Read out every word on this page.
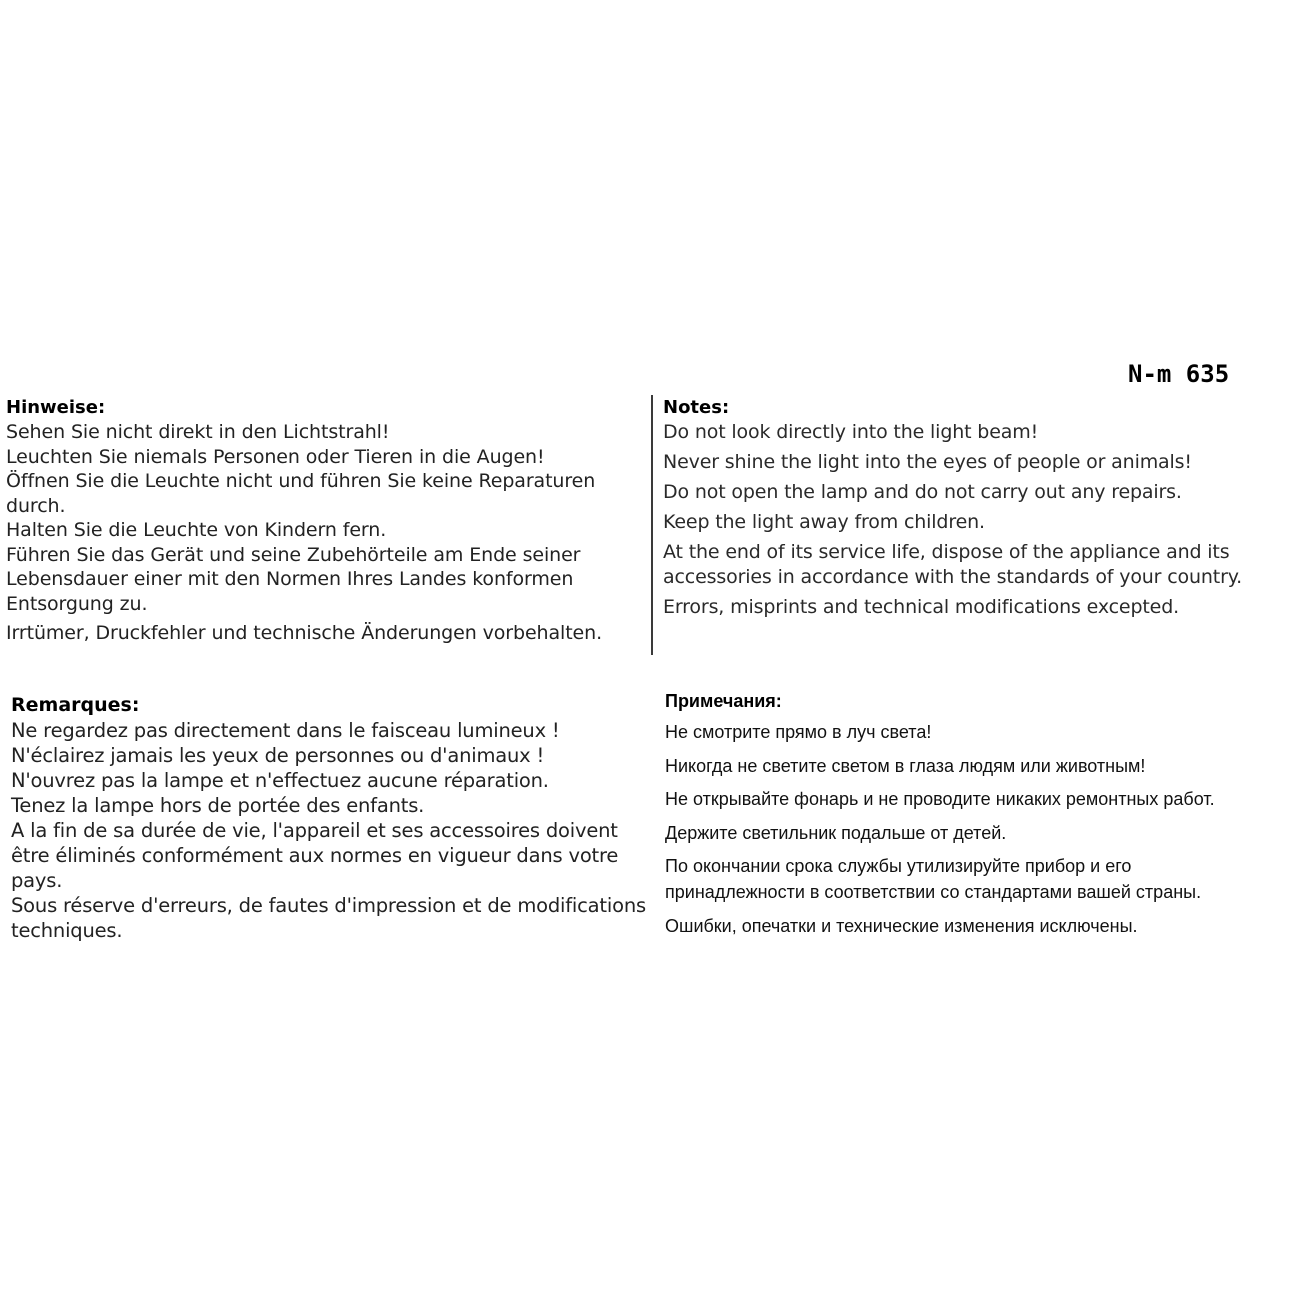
N-m 635
Hinweise:
Sehen Sie nicht direkt in den Lichtstrahl!
Leuchten Sie niemals Personen oder Tieren in die Augen!
Öffnen Sie die Leuchte nicht und führen Sie keine Reparaturen
durch.
Halten Sie die Leuchte von Kindern fern.
Führen Sie das Gerät und seine Zubehörteile am Ende seiner
Lebensdauer einer mit den Normen Ihres Landes konformen
Entsorgung zu.
Irrtümer, Druckfehler und technische Änderungen vorbehalten.
Notes:
Do not look directly into the light beam!
Never shine the light into the eyes of people or animals!
Do not open the lamp and do not carry out any repairs.
Keep the light away from children.
At the end of its service life, dispose of the appliance and its
accessories in accordance with the standards of your country.
Errors, misprints and technical modifications excepted.
Remarques:
Ne regardez pas directement dans le faisceau lumineux !
N'éclairez jamais les yeux de personnes ou d'animaux !
N'ouvrez pas la lampe et n'effectuez aucune réparation.
Tenez la lampe hors de portée des enfants.
A la fin de sa durée de vie, l'appareil et ses accessoires doivent
être éliminés conformément aux normes en vigueur dans votre
pays.
Sous réserve d'erreurs, de fautes d'impression et de modifications
techniques.
Примечания:
Не смотрите прямо в луч света!
Никогда не светите светом в глаза людям или животным!
Не открывайте фонарь и не проводите никаких ремонтных работ.
Держите светильник подальше от детей.
По окончании срока службы утилизируйте прибор и его
принадлежности в соответствии со стандартами вашей страны.
Ошибки, опечатки и технические изменения исключены.
